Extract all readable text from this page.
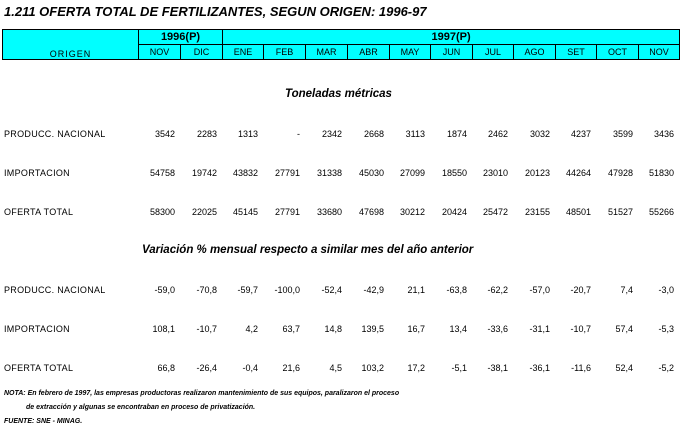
1.211 OFERTA TOTAL DE FERTILIZANTES, SEGUN ORIGEN: 1996-97
ORIGEN	1996(P)		1997(P)										
	NOV	DIC	ENE	FEB	MAR	ABR	MAY	JUN	JUL	AGO	SET	OCT	NOV
Toneladas métricas
PRODUCC. NACIONAL	3542	2283	1313	-	2342	2668	3113	1874	2462	3032	4237	3599	3436
IMPORTACION	54758	19742	43832	27791	31338	45030	27099	18550	23010	20123	44264	47928	51830
OFERTA TOTAL	58300	22025	45145	27791	33680	47698	30212	20424	25472	23155	48501	51527	55266
Variación % mensual respecto a similar mes del año anterior
PRODUCC. NACIONAL	-59,0	-70,8	-59,7	-100,0	-52,4	-42,9	21,1	-63,8	-62,2	-57,0	-20,7	7,4	-3,0
IMPORTACION	108,1	-10,7	4,2	63,7	14,8	139,5	16,7	13,4	-33,6	-31,1	-10,7	57,4	-5,3
OFERTA TOTAL	66,8	-26,4	-0,4	21,6	4,5	103,2	17,2	-5,1	-38,1	-36,1	-11,6	52,4	-5,2
NOTA: En febrero de 1997, las empresas productoras realizaron mantenimiento de sus equipos, paralizaron el proceso
de extracción y algunas se encontraban en proceso de privatización.
FUENTE: SNE - MINAG.
